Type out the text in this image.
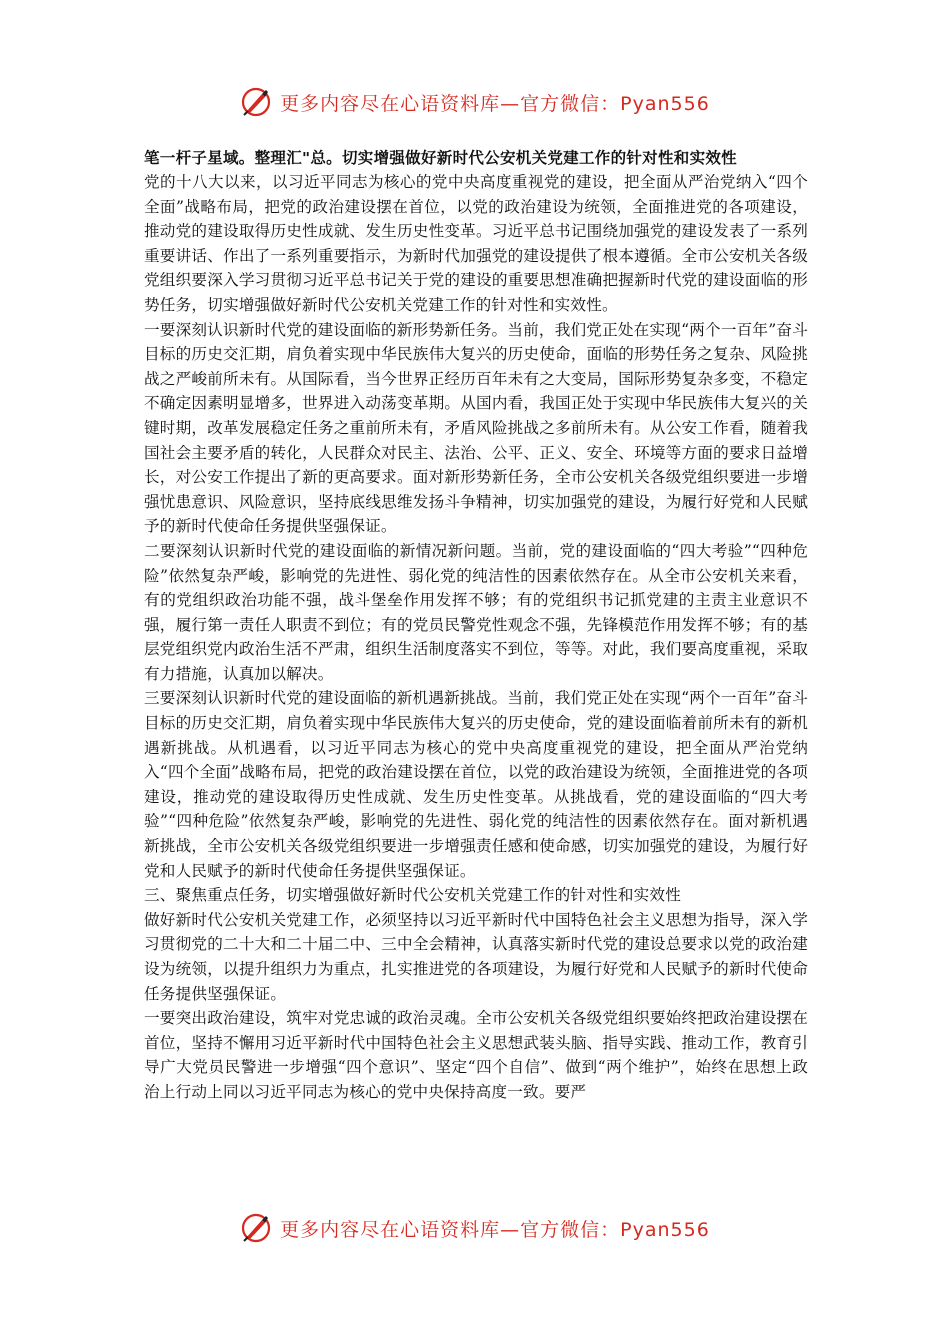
更多内容尽在心语资料库—官方微信：Pyan556

笔一杆子星域。整理汇"总。切实增强做好新时代公安机关党建工作的针对性和实效性

党的十八大以来，以习近平同志为核心的党中央高度重视党的建设，把全面从严治党纳入“四个全面”战略布局，把党的政治建设摆在首位，以党的政治建设为统领，全面推进党的各项建设，推动党的建设取得历史性成就、发生历史性变革。习近平总书记围绕加强党的建设发表了一系列重要讲话、作出了一系列重要指示，为新时代加强党的建设提供了根本遵循。全市公安机关各级党组织要深入学习贯彻习近平总书记关于党的建设的重要思想准确把握新时代党的建设面临的形势任务，切实增强做好新时代公安机关党建工作的针对性和实效性。

一要深刻认识新时代党的建设面临的新形势新任务。当前，我们党正处在实现“两个一百年”奋斗目标的历史交汇期，肩负着实现中华民族伟大复兴的历史使命，面临的形势任务之复杂、风险挑战之严峻前所未有。从国际看，当今世界正经历百年未有之大变局，国际形势复杂多变，不稳定不确定因素明显增多，世界进入动荡变革期。从国内看，我国正处于实现中华民族伟大复兴的关键时期，改革发展稳定任务之重前所未有，矛盾风险挑战之多前所未有。从公安工作看，随着我国社会主要矛盾的转化，人民群众对民主、法治、公平、正义、安全、环境等方面的要求日益增长，对公安工作提出了新的更高要求。面对新形势新任务，全市公安机关各级党组织要进一步增强忧患意识、风险意识，坚持底线思维发扬斗争精神，切实加强党的建设，为履行好党和人民赋予的新时代使命任务提供坚强保证。

二要深刻认识新时代党的建设面临的新情况新问题。当前，党的建设面临的“四大考验”“四种危险”依然复杂严峻，影响党的先进性、弱化党的纯洁性的因素依然存在。从全市公安机关来看，有的党组织政治功能不强，战斗堡垒作用发挥不够；有的党组织书记抓党建的主责主业意识不强，履行第一责任人职责不到位；有的党员民警党性观念不强，先锋模范作用发挥不够；有的基层党组织党内政治生活不严肃，组织生活制度落实不到位，等等。对此，我们要高度重视，采取有力措施，认真加以解决。

三要深刻认识新时代党的建设面临的新机遇新挑战。当前，我们党正处在实现“两个一百年”奋斗目标的历史交汇期，肩负着实现中华民族伟大复兴的历史使命，党的建设面临着前所未有的新机遇新挑战。从机遇看，以习近平同志为核心的党中央高度重视党的建设，把全面从严治党纳入“四个全面”战略布局，把党的政治建设摆在首位，以党的政治建设为统领，全面推进党的各项建设，推动党的建设取得历史性成就、发生历史性变革。从挑战看，党的建设面临的“四大考验”“四种危险”依然复杂严峻，影响党的先进性、弱化党的纯洁性的因素依然存在。面对新机遇新挑战，全市公安机关各级党组织要进一步增强责任感和使命感，切实加强党的建设，为履行好党和人民赋予的新时代使命任务提供坚强保证。

三、聚焦重点任务，切实增强做好新时代公安机关党建工作的针对性和实效性

做好新时代公安机关党建工作，必须坚持以习近平新时代中国特色社会主义思想为指导，深入学习贯彻党的二十大和二十届二中、三中全会精神，认真落实新时代党的建设总要求以党的政治建设为统领，以提升组织力为重点，扎实推进党的各项建设，为履行好党和人民赋予的新时代使命任务提供坚强保证。

一要突出政治建设，筑牢对党忠诚的政治灵魂。全市公安机关各级党组织要始终把政治建设摆在首位，坚持不懈用习近平新时代中国特色社会主义思想武装头脑、指导实践、推动工作，教育引导广大党员民警进一步增强“四个意识”、坚定“四个自信”、做到“两个维护”，始终在思想上政治上行动上同以习近平同志为核心的党中央保持高度一致。要严

更多内容尽在心语资料库—官方微信：Pyan556
